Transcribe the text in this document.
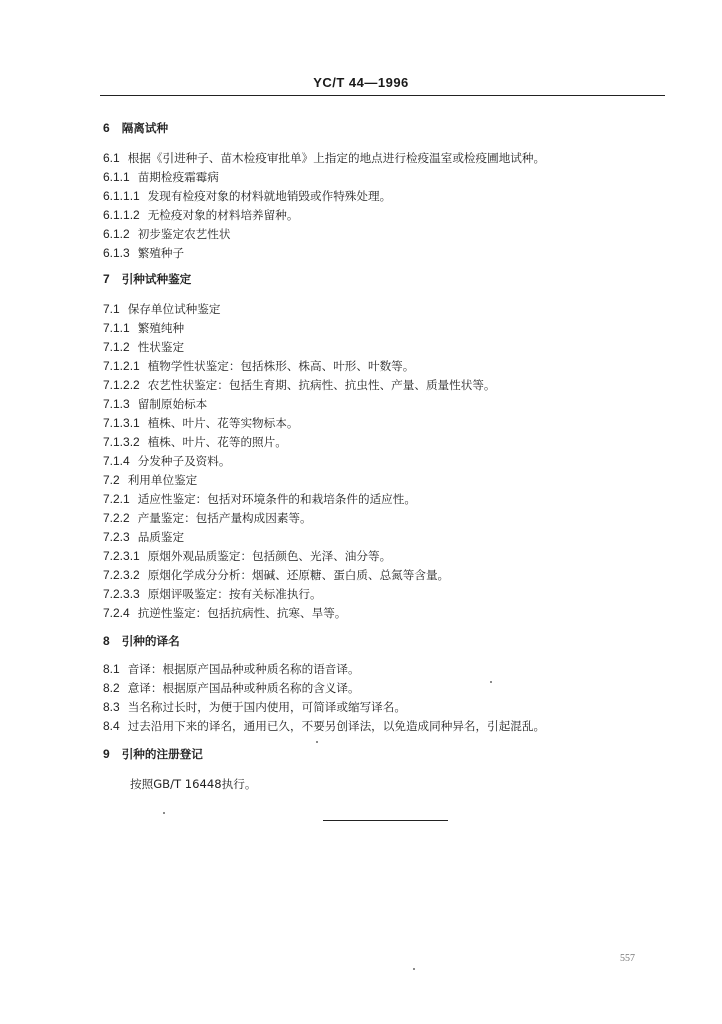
YC/T 44—1996
6 隔离试种
6.1 根据《引进种子、苗木检疫审批单》上指定的地点进行检疫温室或检疫圃地试种。
6.1.1 苗期检疫霜霉病
6.1.1.1 发现有检疫对象的材料就地销毁或作特殊处理。
6.1.1.2 无检疫对象的材料培养留种。
6.1.2 初步鉴定农艺性状
6.1.3 繁殖种子
7 引种试种鉴定
7.1 保存单位试种鉴定
7.1.1 繁殖纯种
7.1.2 性状鉴定
7.1.2.1 植物学性状鉴定：包括株形、株高、叶形、叶数等。
7.1.2.2 农艺性状鉴定：包括生育期、抗病性、抗虫性、产量、质量性状等。
7.1.3 留制原始标本
7.1.3.1 植株、叶片、花等实物标本。
7.1.3.2 植株、叶片、花等的照片。
7.1.4 分发种子及资料。
7.2 利用单位鉴定
7.2.1 适应性鉴定：包括对环境条件的和栽培条件的适应性。
7.2.2 产量鉴定：包括产量构成因素等。
7.2.3 品质鉴定
7.2.3.1 原烟外观品质鉴定：包括颜色、光泽、油分等。
7.2.3.2 原烟化学成分分析：烟碱、还原糖、蛋白质、总氮等含量。
7.2.3.3 原烟评吸鉴定：按有关标准执行。
7.2.4 抗逆性鉴定：包括抗病性、抗寒、旱等。
8 引种的译名
8.1 音译：根据原产国品种或种质名称的语音译。
8.2 意译：根据原产国品种或种质名称的含义译。
8.3 当名称过长时，为便于国内使用，可简译或缩写译名。
8.4 过去沿用下来的译名，通用已久，不要另创译法，以免造成同种异名，引起混乱。
9 引种的注册登记
按照GB/T 16448执行。
557
